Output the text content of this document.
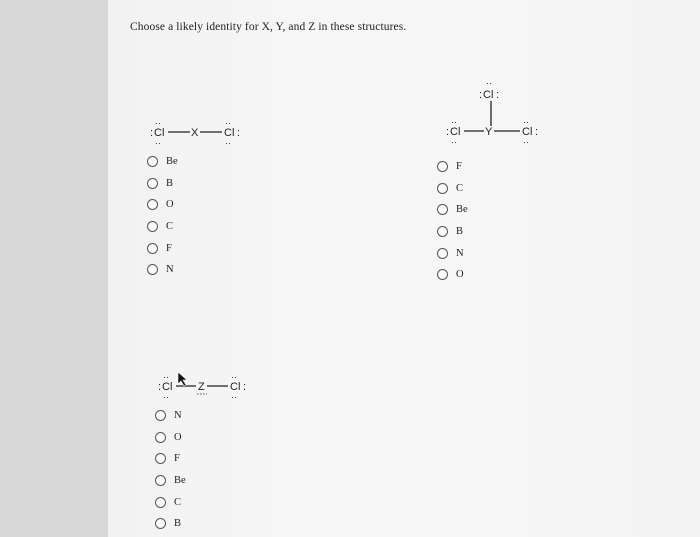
Choose a likely identity for X, Y, and Z in these structures.
: Cl
··
··
X Cl :
··
··
Be
B
O
C
F
N
··
: Cl :
: Cl
··
··
Y	Cl :
··
··
F
C
Be
B
N
O
: Cl
··
··
Z Cl :
··
··
N
O
F
Be
C
B
